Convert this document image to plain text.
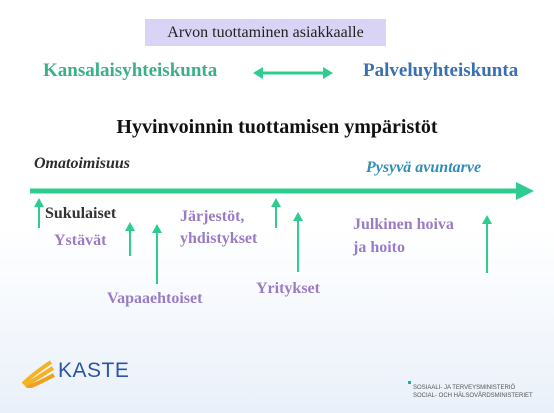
Arvon tuottaminen asiakkaalle
Kansalaisyhteiskunta	Palveluyhteiskunta
Hyvinvoinnin tuottamisen ympäristöt
Omatoimisuus	Pysyvä avuntarve
Sukulaiset
Ystävät
Vapaaehtoiset
Järjestöt,
yhdistykset
Yritykset
Julkinen hoiva
ja hoito
KASTE
SOSIAALI- JA TERVEYSMINISTERIÖ
SOCIAL- OCH HÄLSOVÅRDSMINISTERIET
